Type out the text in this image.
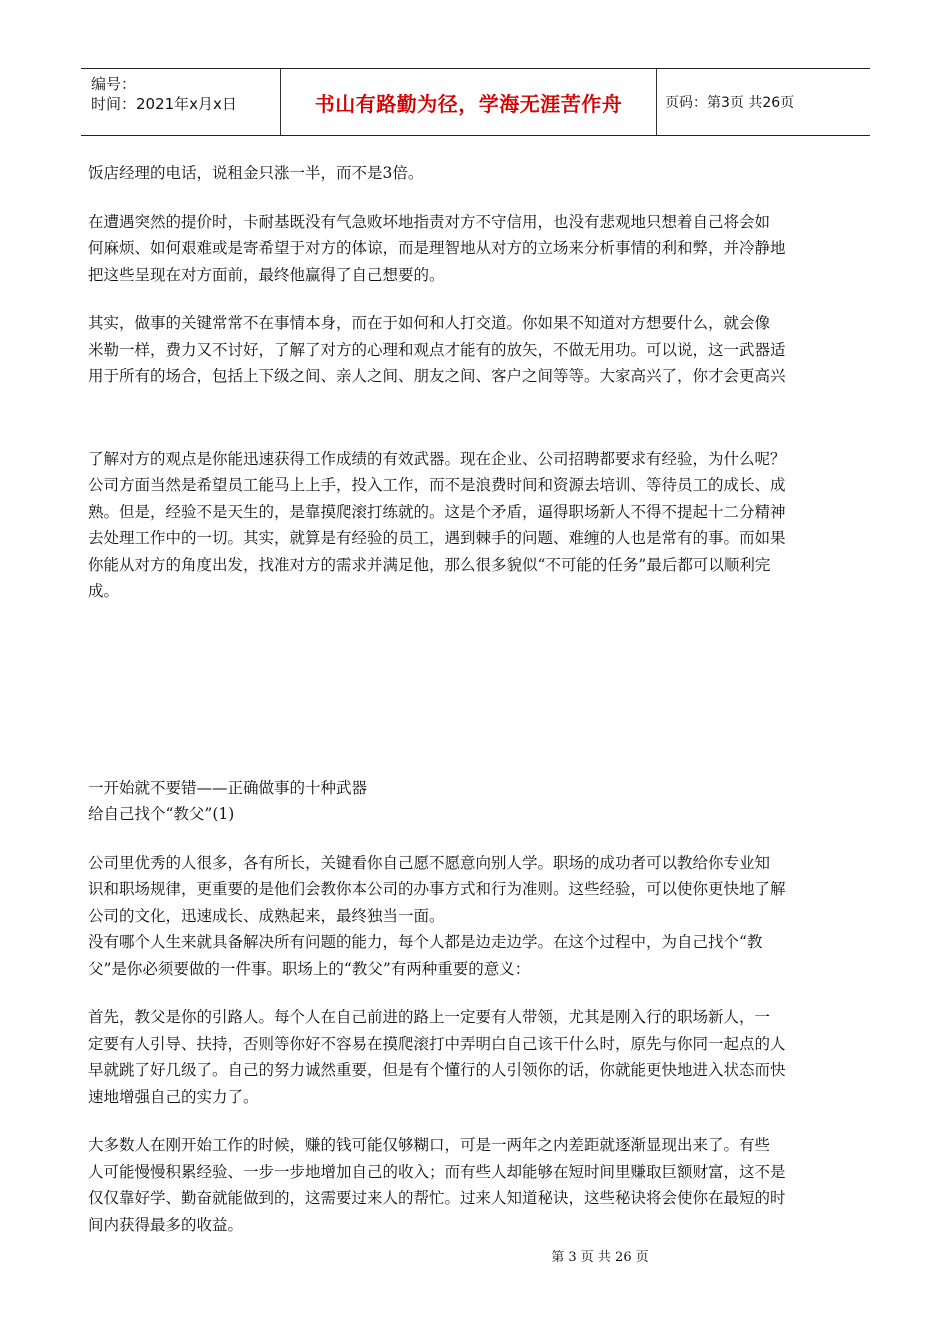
编号：
时间：2021年x月x日	书山有路勤为径，学海无涯苦作舟	页码：第3页 共26页

饭店经理的电话，说租金只涨一半，而不是3倍。

在遭遇突然的提价时，卡耐基既没有气急败坏地指责对方不守信用，也没有悲观地只想着自己将会如

何麻烦、如何艰难或是寄希望于对方的体谅，而是理智地从对方的立场来分析事情的利和弊，并冷静地

把这些呈现在对方面前，最终他赢得了自己想要的。

其实，做事的关键常常不在事情本身，而在于如何和人打交道。你如果不知道对方想要什么，就会像

米勒一样，费力又不讨好，了解了对方的心理和观点才能有的放矢，不做无用功。可以说，这一武器适

用于所有的场合，包括上下级之间、亲人之间、朋友之间、客户之间等等。大家高兴了，你才会更高兴

了解对方的观点是你能迅速获得工作成绩的有效武器。现在企业、公司招聘都要求有经验，为什么呢？

公司方面当然是希望员工能马上上手，投入工作，而不是浪费时间和资源去培训、等待员工的成长、成

熟。但是，经验不是天生的，是靠摸爬滚打练就的。这是个矛盾，逼得职场新人不得不提起十二分精神

去处理工作中的一切。其实，就算是有经验的员工，遇到棘手的问题、难缠的人也是常有的事。而如果

你能从对方的角度出发，找准对方的需求并满足他，那么很多貌似“不可能的任务”最后都可以顺利完

成。

一开始就不要错——正确做事的十种武器

给自己找个“教父”(1)

公司里优秀的人很多，各有所长，关键看你自己愿不愿意向别人学。职场的成功者可以教给你专业知

识和职场规律，更重要的是他们会教你本公司的办事方式和行为准则。这些经验，可以使你更快地了解

公司的文化，迅速成长、成熟起来，最终独当一面。

没有哪个人生来就具备解决所有问题的能力，每个人都是边走边学。在这个过程中，为自己找个“教

父”是你必须要做的一件事。职场上的“教父”有两种重要的意义：

首先，教父是你的引路人。每个人在自己前进的路上一定要有人带领，尤其是刚入行的职场新人，一

定要有人引导、扶持，否则等你好不容易在摸爬滚打中弄明白自己该干什么时，原先与你同一起点的人

早就跳了好几级了。自己的努力诚然重要，但是有个懂行的人引领你的话，你就能更快地进入状态而快

速地增强自己的实力了。

大多数人在刚开始工作的时候，赚的钱可能仅够糊口，可是一两年之内差距就逐渐显现出来了。有些

人可能慢慢积累经验、一步一步地增加自己的收入；而有些人却能够在短时间里赚取巨额财富，这不是

仅仅靠好学、勤奋就能做到的，这需要过来人的帮忙。过来人知道秘诀，这些秘诀将会使你在最短的时

间内获得最多的收益。

第 3 页 共 26 页
